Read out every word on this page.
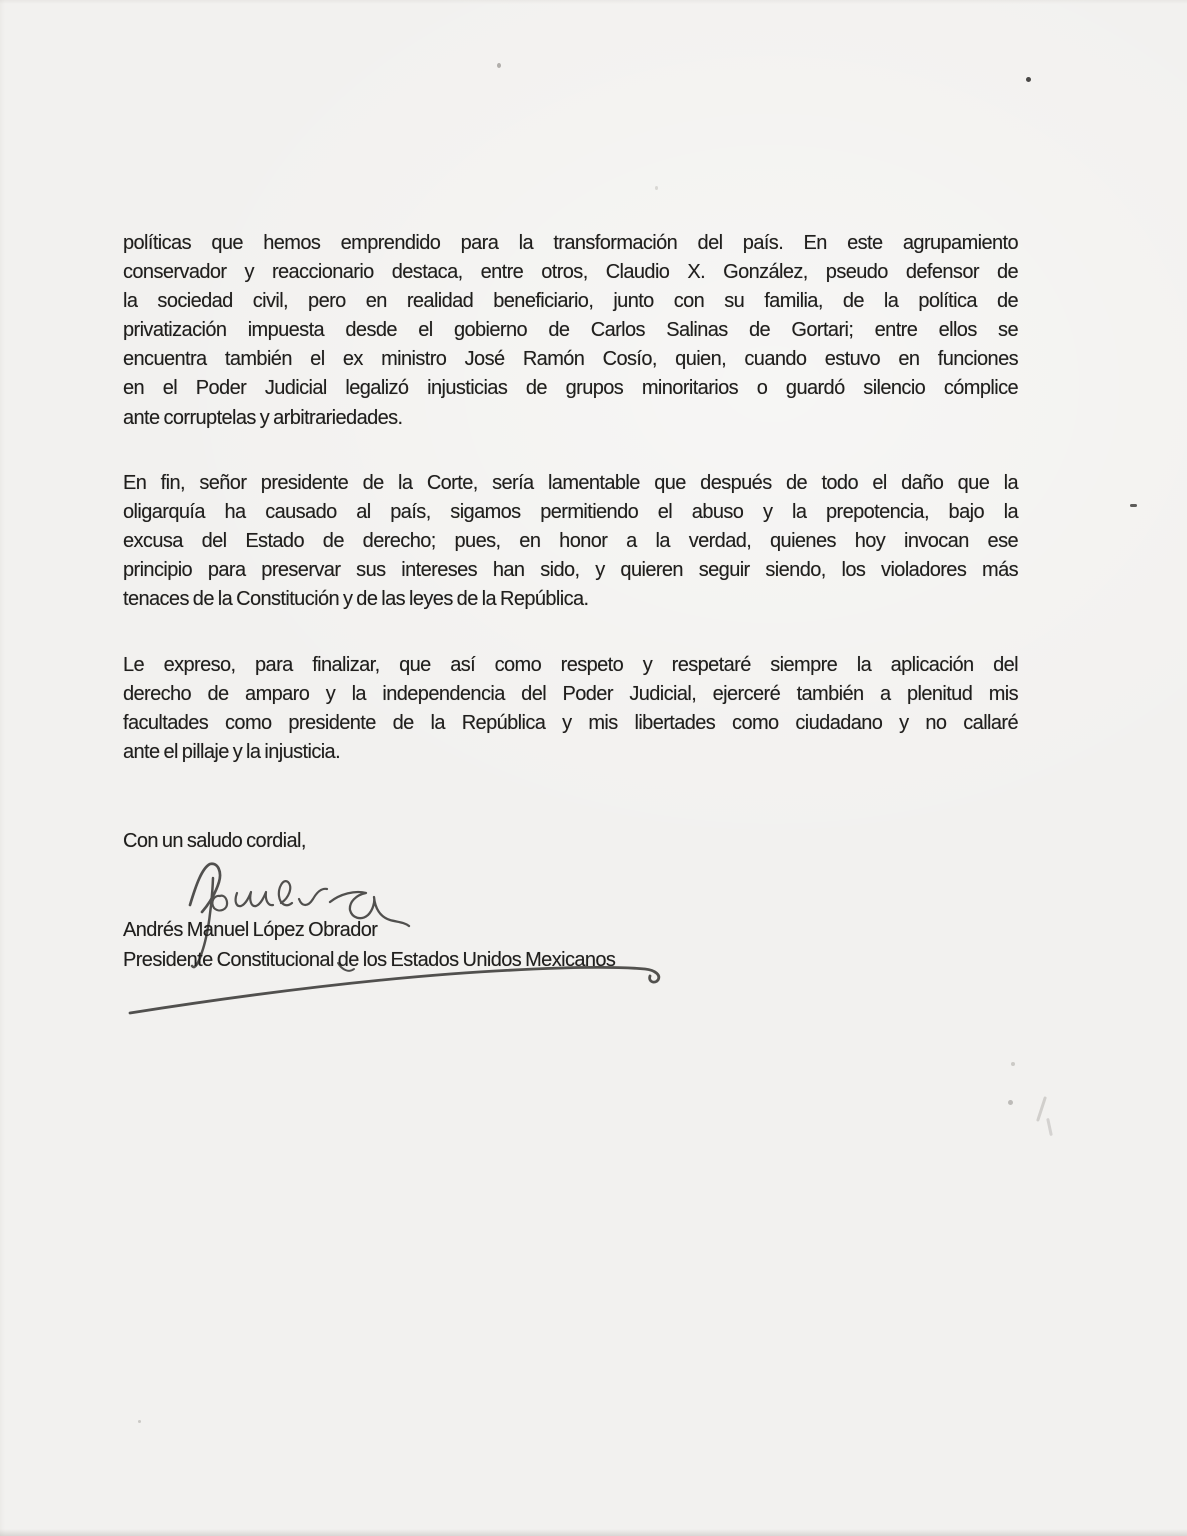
políticas que hemos emprendido para la transformación del país. En este agrupamiento
conservador y reaccionario destaca, entre otros, Claudio X. González, pseudo defensor de
la sociedad civil, pero en realidad beneficiario, junto con su familia, de la política de
privatización impuesta desde el gobierno de Carlos Salinas de Gortari; entre ellos se
encuentra también el ex ministro José Ramón Cosío, quien, cuando estuvo en funciones
en el Poder Judicial legalizó injusticias de grupos minoritarios o guardó silencio cómplice
ante corruptelas y arbitrariedades.
En fin, señor presidente de la Corte, sería lamentable que después de todo el daño que la
oligarquía ha causado al país, sigamos permitiendo el abuso y la prepotencia, bajo la
excusa del Estado de derecho; pues, en honor a la verdad, quienes hoy invocan ese
principio para preservar sus intereses han sido, y quieren seguir siendo, los violadores más
tenaces de la Constitución y de las leyes de la República.
Le expreso, para finalizar, que así como respeto y respetaré siempre la aplicación del
derecho de amparo y la independencia del Poder Judicial, ejerceré también a plenitud mis
facultades como presidente de la República y mis libertades como ciudadano y no callaré
ante el pillaje y la injusticia.
Con un saludo cordial,
Andrés Manuel López Obrador
Presidente Constitucional de los Estados Unidos Mexicanos
